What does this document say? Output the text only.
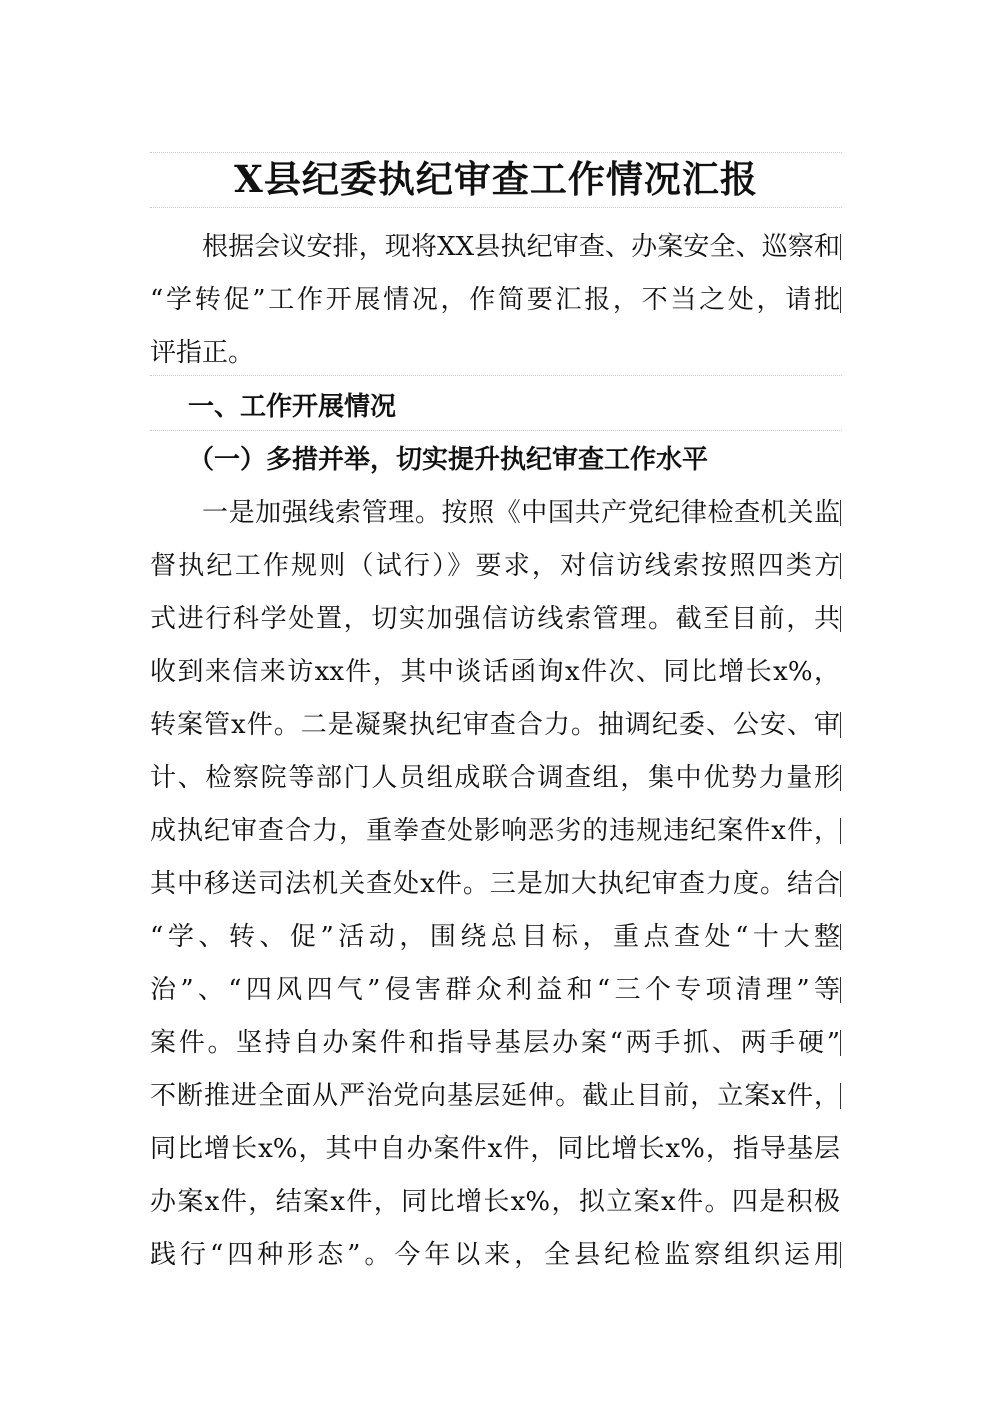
X县纪委执纪审查工作情况汇报
根据会议安排，现将XX县执纪审查、办案安全、巡察和
“学转促”工作开展情况，作简要汇报，不当之处，请批
评指正。
一、工作开展情况
（一）多措并举，切实提升执纪审查工作水平
一是加强线索管理。按照《中国共产党纪律检查机关监
督执纪工作规则（试行）》要求，对信访线索按照四类方
式进行科学处置，切实加强信访线索管理。截至目前，共
收到来信来访xx件，其中谈话函询x件次、同比增长x%，
转案管x件。二是凝聚执纪审查合力。抽调纪委、公安、审
计、检察院等部门人员组成联合调查组，集中优势力量形
成执纪审查合力，重拳查处影响恶劣的违规违纪案件x件，
其中移送司法机关查处x件。三是加大执纪审查力度。结合
“学、转、促”活动，围绕总目标，重点查处“十大整
治”、“四风四气”侵害群众利益和“三个专项清理”等
案件。坚持自办案件和指导基层办案“两手抓、两手硬”
不断推进全面从严治党向基层延伸。截止目前，立案x件，
同比增长x%，其中自办案件x件，同比增长x%，指导基层
办案x件，结案x件，同比增长x%，拟立案x件。四是积极
践行“四种形态”。今年以来，全县纪检监察组织运用
